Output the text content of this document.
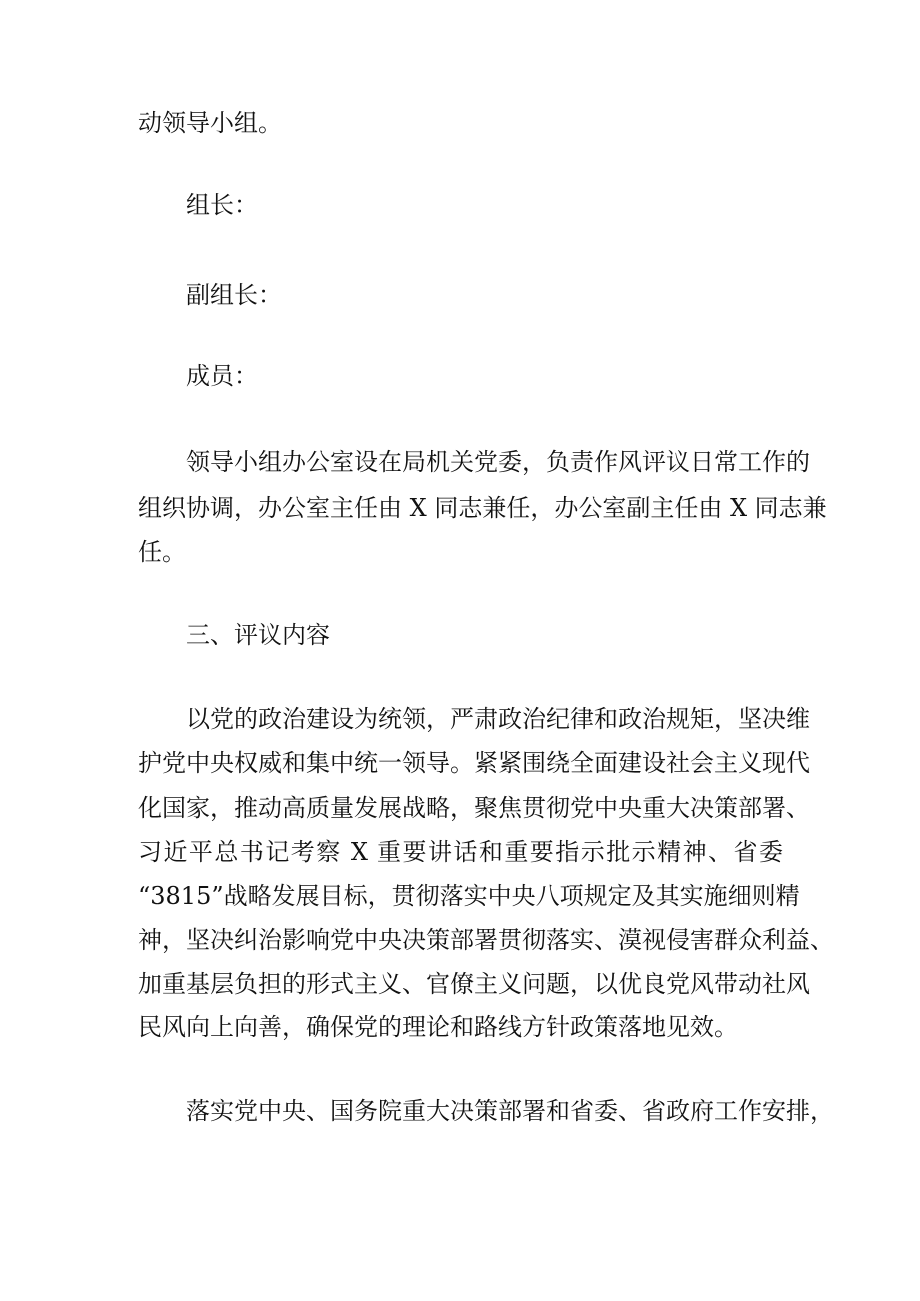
动领导小组。
组长：
副组长：
成员：
领导小组办公室设在局机关党委，负责作风评议日常工作的
组织协调，办公室主任由 X 同志兼任，办公室副主任由 X 同志兼
任。
三、评议内容
以党的政治建设为统领，严肃政治纪律和政治规矩，坚决维
护党中央权威和集中统一领导。紧紧围绕全面建设社会主义现代
化国家，推动高质量发展战略，聚焦贯彻党中央重大决策部署、
习近平总书记考察 X 重要讲话和重要指示批示精神、省委
“3815”战略发展目标，贯彻落实中央八项规定及其实施细则精
神，坚决纠治影响党中央决策部署贯彻落实、漠视侵害群众利益、
加重基层负担的形式主义、官僚主义问题，以优良党风带动社风
民风向上向善，确保党的理论和路线方针政策落地见效。
落实党中央、国务院重大决策部署和省委、省政府工作安排，
